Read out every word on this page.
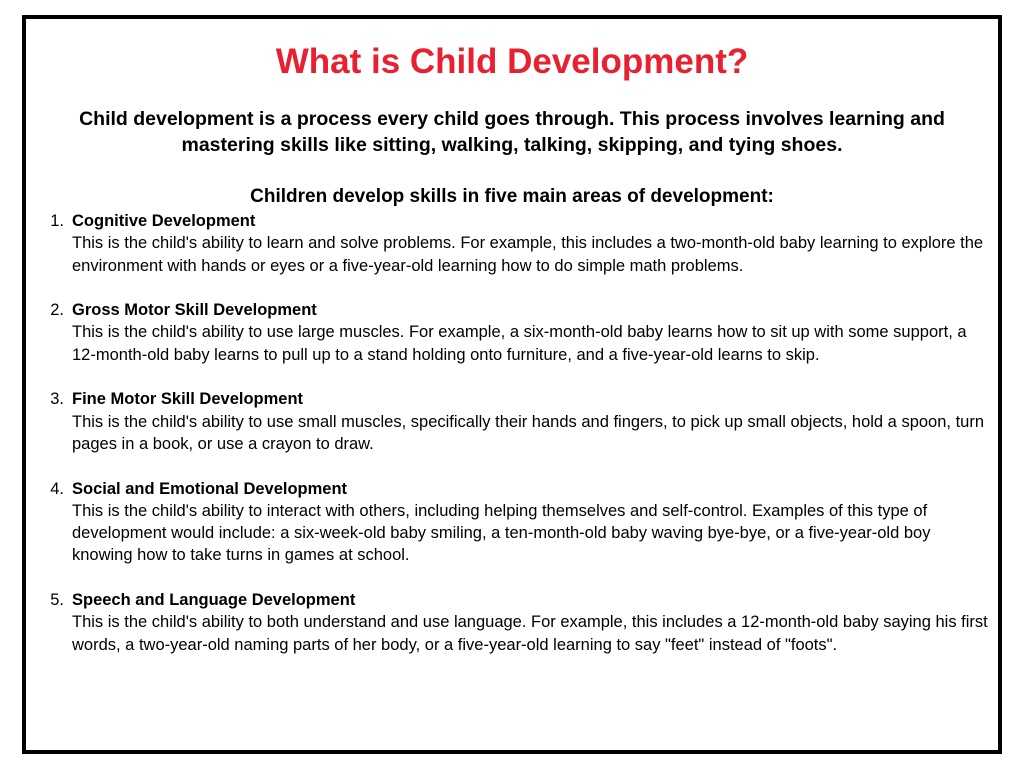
What is Child Development?

Child development is a process every child goes through. This process involves learning and mastering skills like sitting, walking, talking, skipping, and tying shoes.

Children develop skills in five main areas of development:
1. Cognitive Development
This is the child's ability to learn and solve problems. For example, this includes a two-month-old baby learning to explore the environment with hands or eyes or a five-year-old learning how to do simple math problems.
2. Gross Motor Skill Development
This is the child's ability to use large muscles. For example, a six-month-old baby learns how to sit up with some support, a 12-month-old baby learns to pull up to a stand holding onto furniture, and a five-year-old learns to skip.
3. Fine Motor Skill Development
This is the child's ability to use small muscles, specifically their hands and fingers, to pick up small objects, hold a spoon, turn pages in a book, or use a crayon to draw.
4. Social and Emotional Development
This is the child's ability to interact with others, including helping themselves and self-control. Examples of this type of development would include: a six-week-old baby smiling, a ten-month-old baby waving bye-bye, or a five-year-old boy knowing how to take turns in games at school.
5. Speech and Language Development
This is the child's ability to both understand and use language. For example, this includes a 12-month-old baby saying his first words, a two-year-old naming parts of her body, or a five-year-old learning to say "feet" instead of "foots".
